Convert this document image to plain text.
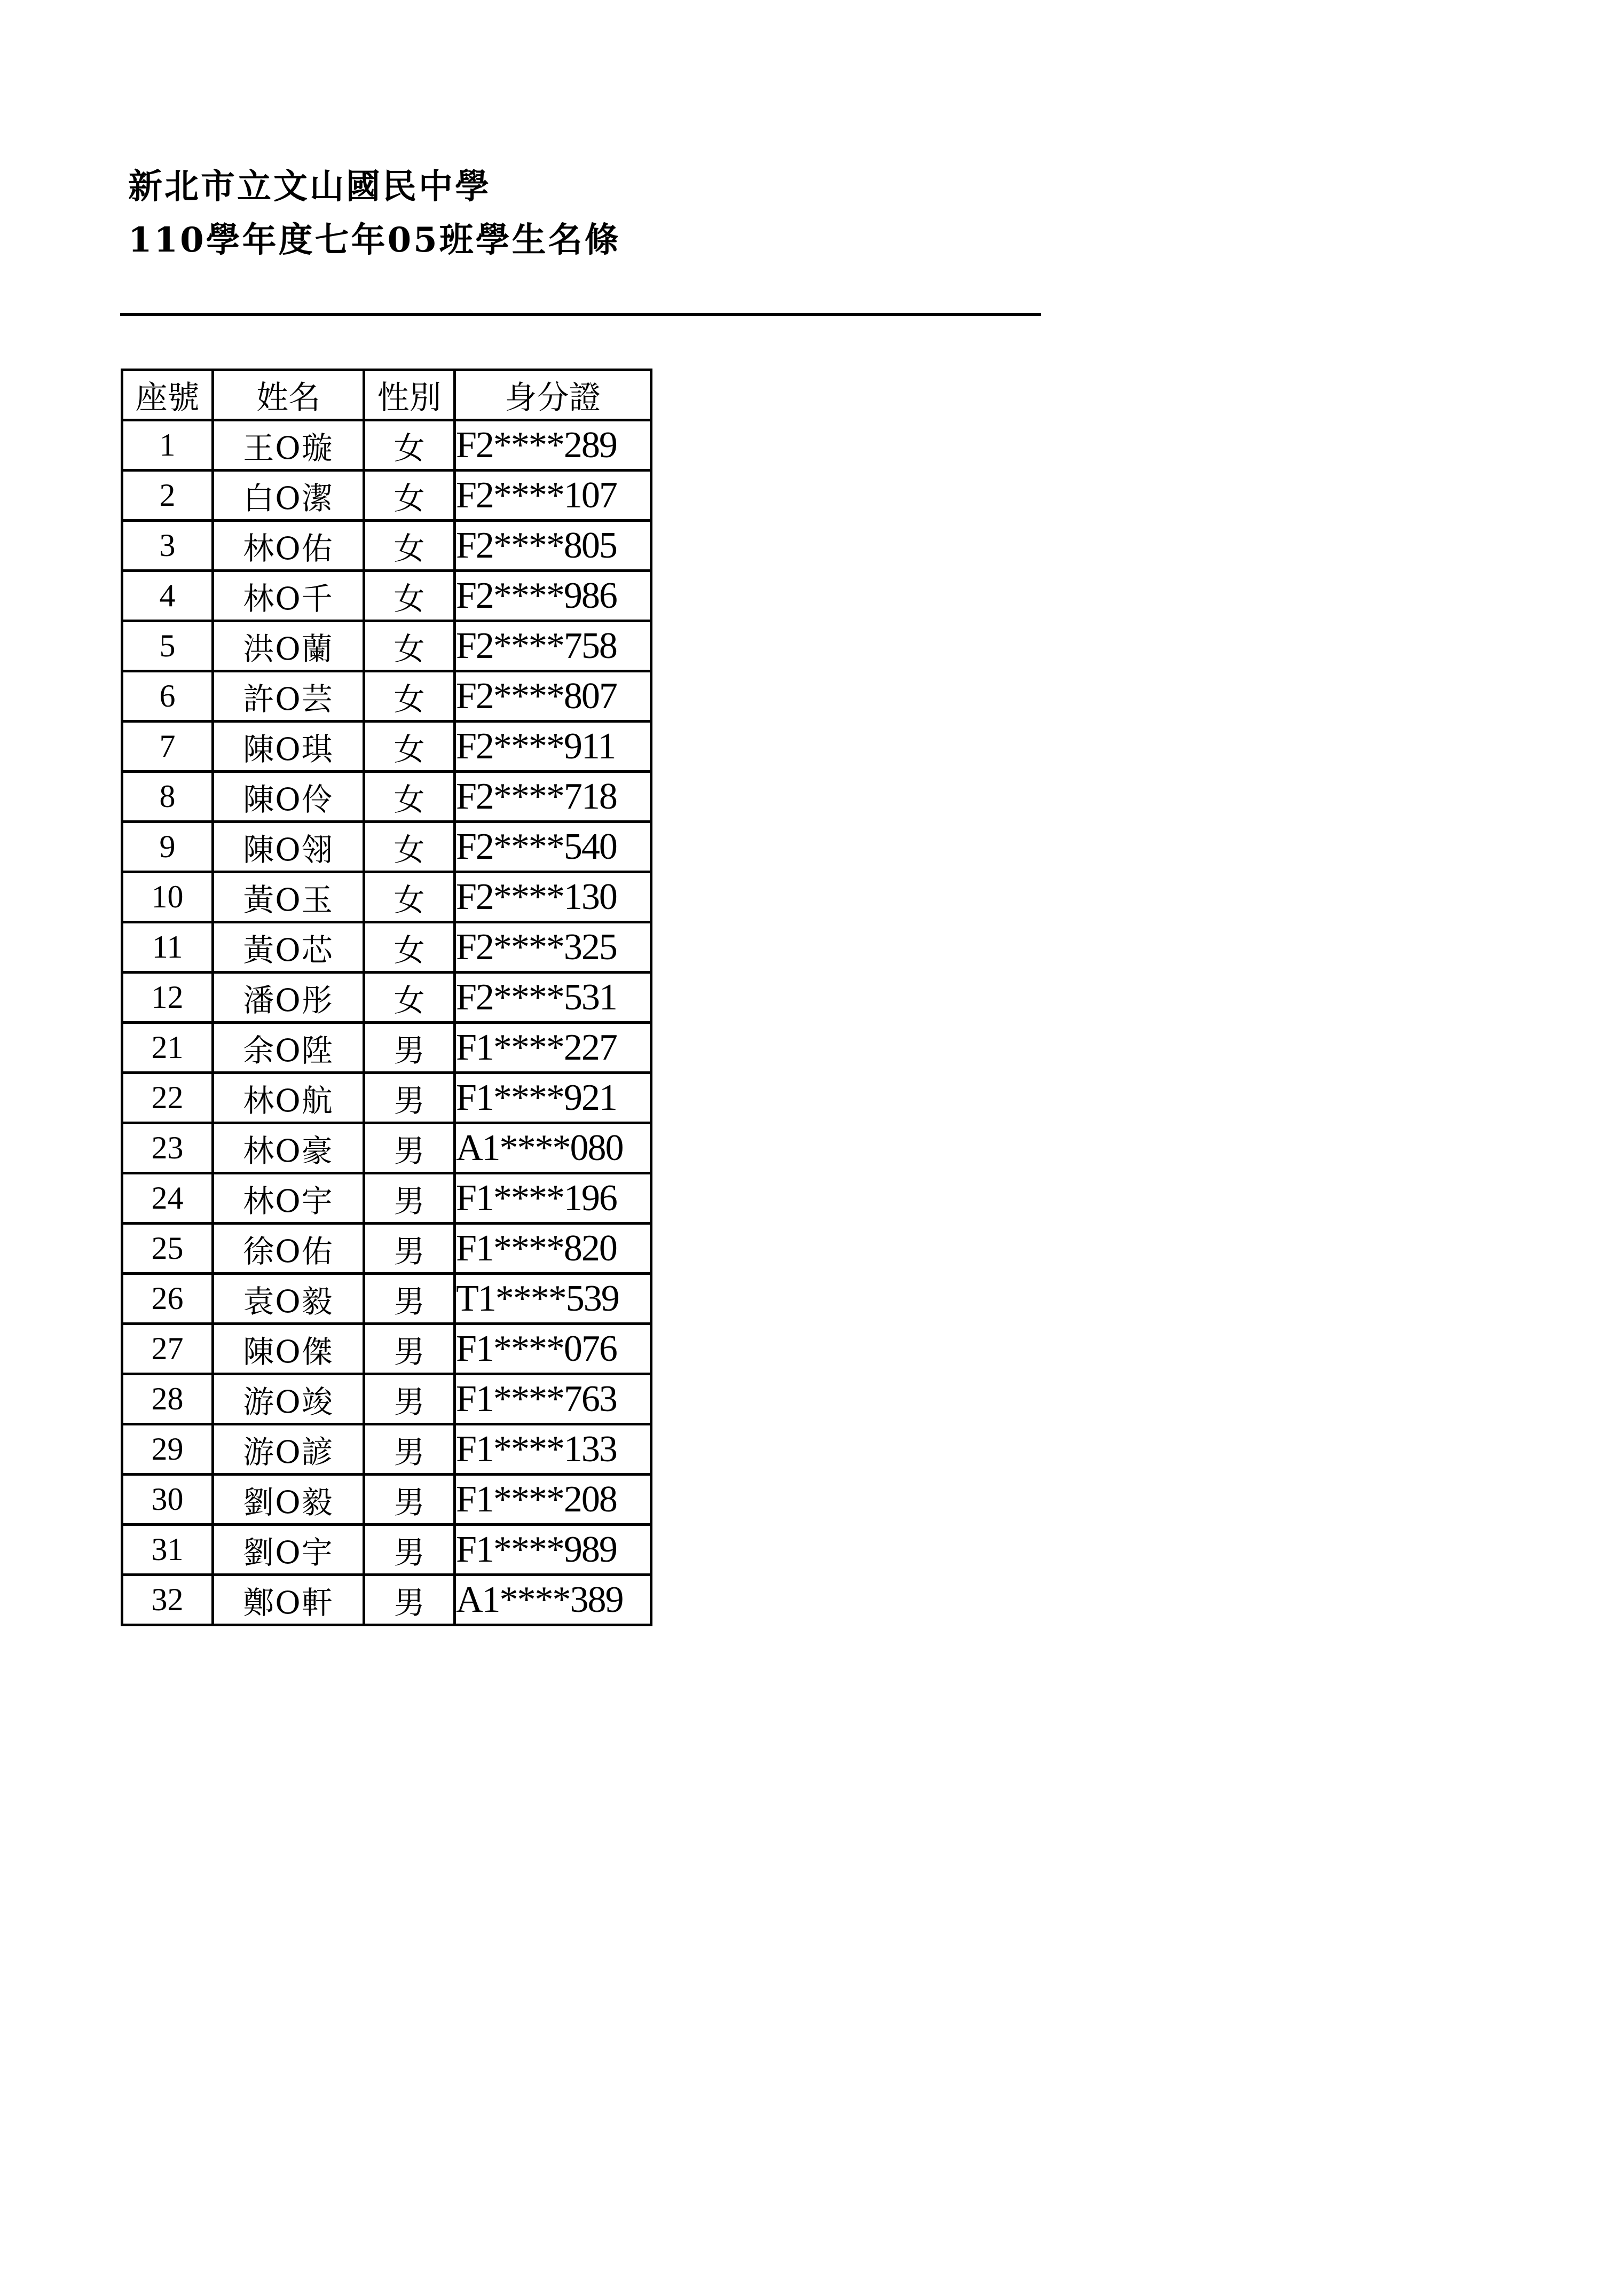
新北市立文山國民中學
110學年度七年05班學生名條
座號	姓名	性別	身分證
1	王O璇	女	F2****289
2	白O潔	女	F2****107
3	林O佑	女	F2****805
4	林O千	女	F2****986
5	洪O蘭	女	F2****758
6	許O芸	女	F2****807
7	陳O琪	女	F2****911
8	陳O伶	女	F2****718
9	陳O翎	女	F2****540
10	黃O玉	女	F2****130
11	黃O芯	女	F2****325
12	潘O彤	女	F2****531
21	余O陞	男	F1****227
22	林O航	男	F1****921
23	林O豪	男	A1****080
24	林O宇	男	F1****196
25	徐O佑	男	F1****820
26	袁O毅	男	T1****539
27	陳O傑	男	F1****076
28	游O竣	男	F1****763
29	游O諺	男	F1****133
30	劉O毅	男	F1****208
31	劉O宇	男	F1****989
32	鄭O軒	男	A1****389
